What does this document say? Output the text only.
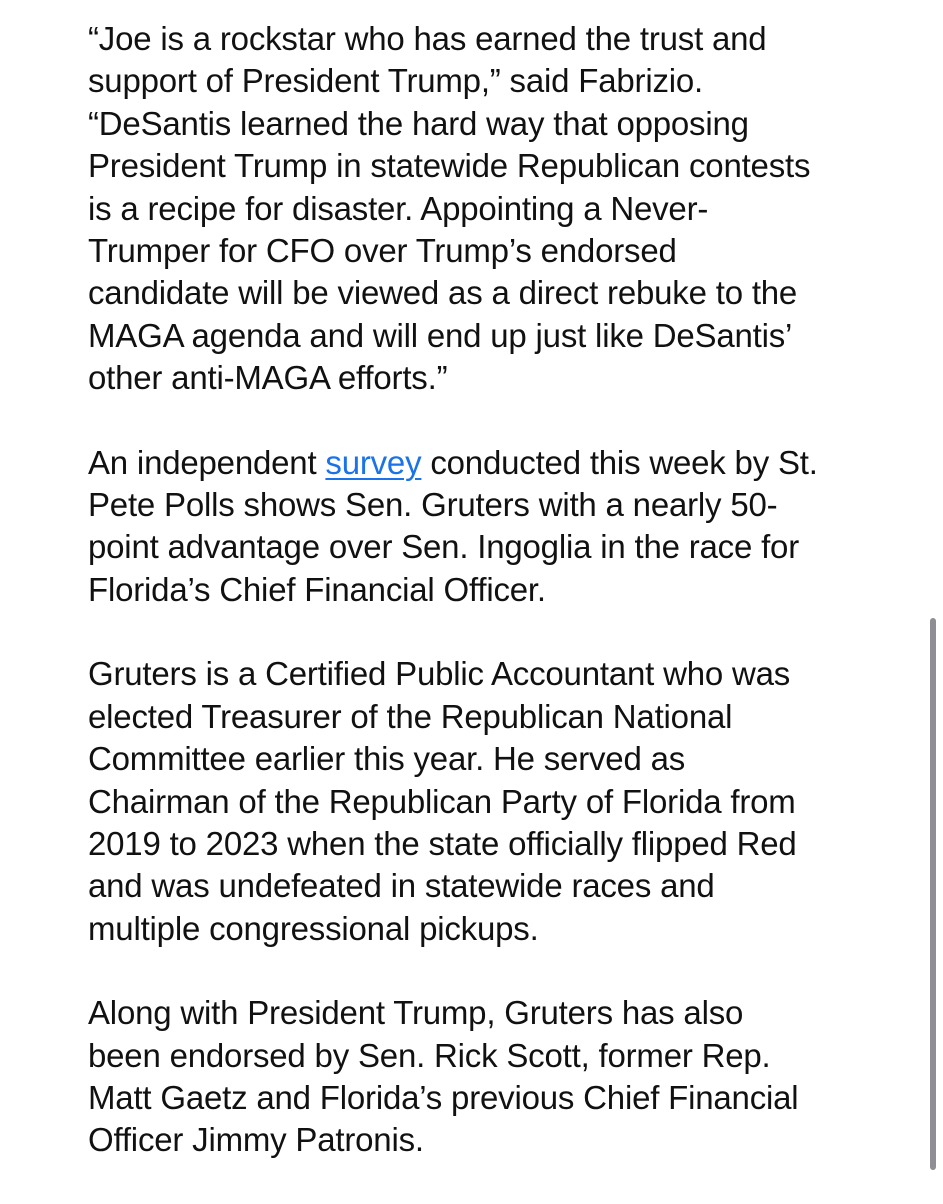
“Joe is a rockstar who has earned the trust and
support of President Trump,” said Fabrizio.
“DeSantis learned the hard way that opposing
President Trump in statewide Republican contests
is a recipe for disaster. Appointing a Never-
Trumper for CFO over Trump’s endorsed
candidate will be viewed as a direct rebuke to the
MAGA agenda and will end up just like DeSantis’
other anti-MAGA efforts.”

An independent survey conducted this week by St.
Pete Polls shows Sen. Gruters with a nearly 50-
point advantage over Sen. Ingoglia in the race for
Florida’s Chief Financial Officer.

Gruters is a Certified Public Accountant who was
elected Treasurer of the Republican National
Committee earlier this year. He served as
Chairman of the Republican Party of Florida from
2019 to 2023 when the state officially flipped Red
and was undefeated in statewide races and
multiple congressional pickups.

Along with President Trump, Gruters has also
been endorsed by Sen. Rick Scott, former Rep.
Matt Gaetz and Florida’s previous Chief Financial
Officer Jimmy Patronis.
